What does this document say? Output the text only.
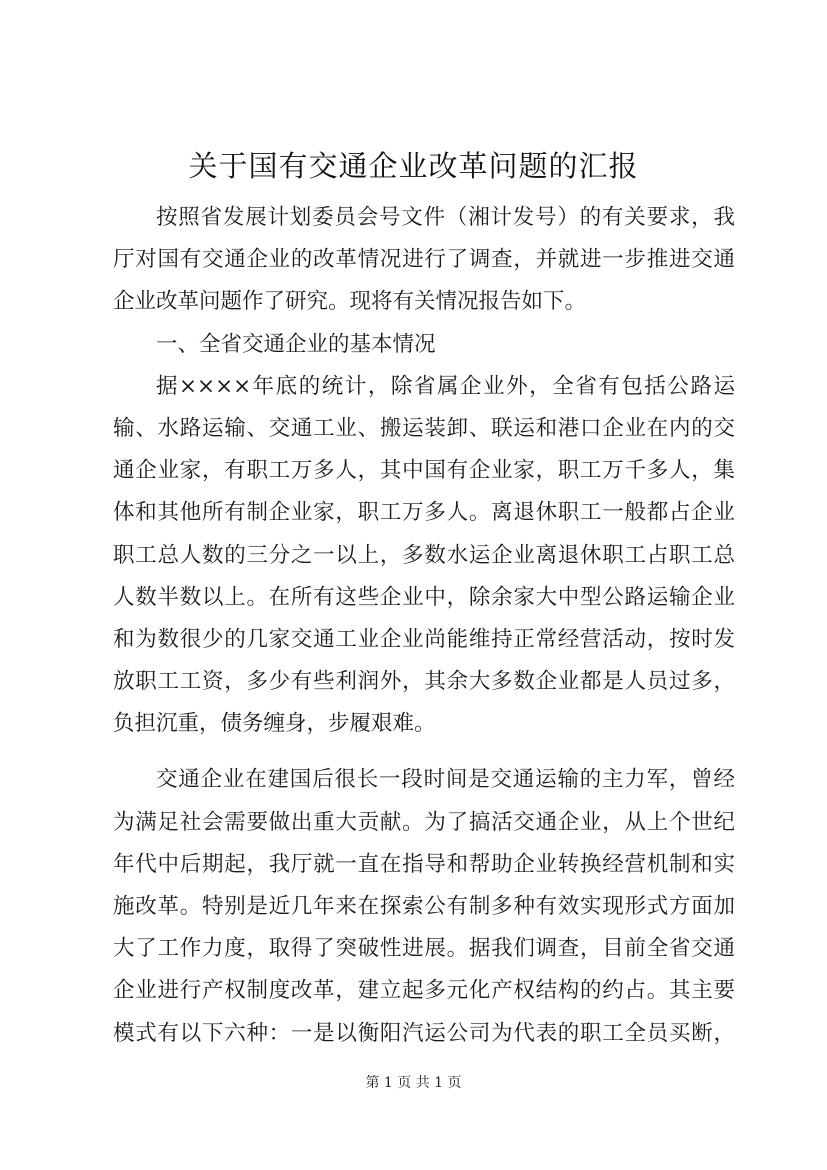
关于国有交通企业改革问题的汇报
按照省发展计划委员会号文件（湘计发号）的有关要求，我
厅对国有交通企业的改革情况进行了调查，并就进一步推进交通
企业改革问题作了研究。现将有关情况报告如下。
一、全省交通企业的基本情况
据××××年底的统计，除省属企业外，全省有包括公路运
输、水路运输、交通工业、搬运装卸、联运和港口企业在内的交
通企业家，有职工万多人，其中国有企业家，职工万千多人，集
体和其他所有制企业家，职工万多人。离退休职工一般都占企业
职工总人数的三分之一以上，多数水运企业离退休职工占职工总
人数半数以上。在所有这些企业中，除余家大中型公路运输企业
和为数很少的几家交通工业企业尚能维持正常经营活动，按时发
放职工工资，多少有些利润外，其余大多数企业都是人员过多，
负担沉重，债务缠身，步履艰难。
交通企业在建国后很长一段时间是交通运输的主力军，曾经
为满足社会需要做出重大贡献。为了搞活交通企业，从上个世纪
年代中后期起，我厅就一直在指导和帮助企业转换经营机制和实
施改革。特别是近几年来在探索公有制多种有效实现形式方面加
大了工作力度，取得了突破性进展。据我们调查，目前全省交通
企业进行产权制度改革，建立起多元化产权结构的约占。其主要
模式有以下六种：一是以衡阳汽运公司为代表的职工全员买断，
第 1 页 共 1 页
